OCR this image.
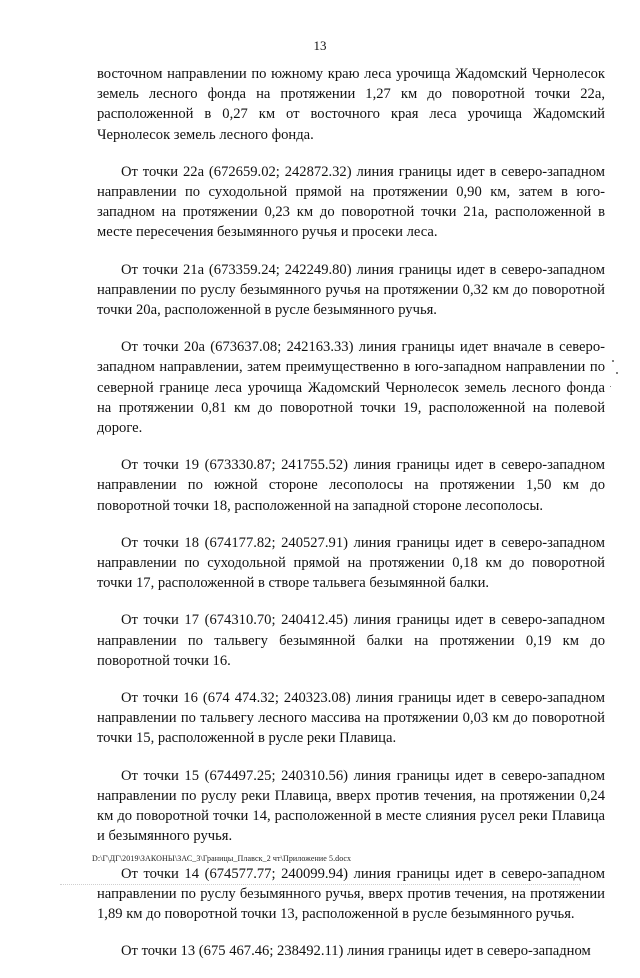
13

восточном направлении по южному краю леса урочища Жадомский Чернолесок земель лесного фонда на протяжении 1,27 км до поворотной точки 22а, расположенной в 0,27 км от восточного края леса урочища Жадомский Чернолесок земель лесного фонда.

От точки 22а (672659.02; 242872.32) линия границы идет в северо-западном направлении по суходольной прямой на протяжении 0,90 км, затем в юго-западном на протяжении 0,23 км до поворотной точки 21а, расположенной в месте пересечения безымянного ручья и просеки леса.

От точки 21а (673359.24; 242249.80) линия границы идет в северо-западном направлении по руслу безымянного ручья на протяжении 0,32 км до поворотной точки 20а, расположенной в русле безымянного ручья.

От точки 20а (673637.08; 242163.33) линия границы идет вначале в северо-западном направлении, затем преимущественно в юго-западном направлении по северной границе леса урочища Жадомский Чернолесок земель лесного фонда на протяжении 0,81 км до поворотной точки 19, расположенной на полевой дороге.

От точки 19 (673330.87; 241755.52) линия границы идет в северо-западном направлении по южной стороне лесополосы на протяжении 1,50 км до поворотной точки 18, расположенной на западной стороне лесополосы.

От точки 18 (674177.82; 240527.91) линия границы идет в северо-западном направлении по суходольной прямой на протяжении 0,18 км до поворотной точки 17, расположенной в створе тальвега безымянной балки.

От точки 17 (674310.70; 240412.45) линия границы идет в северо-западном направлении по тальвегу безымянной балки на протяжении 0,19 км до поворотной точки 16.

От точки 16 (674 474.32; 240323.08) линия границы идет в северо-западном направлении по тальвегу лесного массива на протяжении 0,03 км до поворотной точки 15, расположенной в русле реки Плавица.

От точки 15 (674497.25; 240310.56) линия границы идет в северо-западном направлении по руслу реки Плавица, вверх против течения, на протяжении 0,24 км до поворотной точки 14, расположенной в месте слияния русел реки Плавица и безымянного ручья.

От точки 14 (674577.77; 240099.94) линия границы идет в северо-западном направлении по руслу безымянного ручья, вверх против течения, на протяжении 1,89 км до поворотной точки 13, расположенной в русле безымянного ручья.

От точки 13 (675 467.46; 238492.11) линия границы идет в северо-западном

D:\Г\ДГ\2019\ЗАКОНЫ\ЗАС_3\Границы_Плавск_2 чт\Приложение 5.docx
